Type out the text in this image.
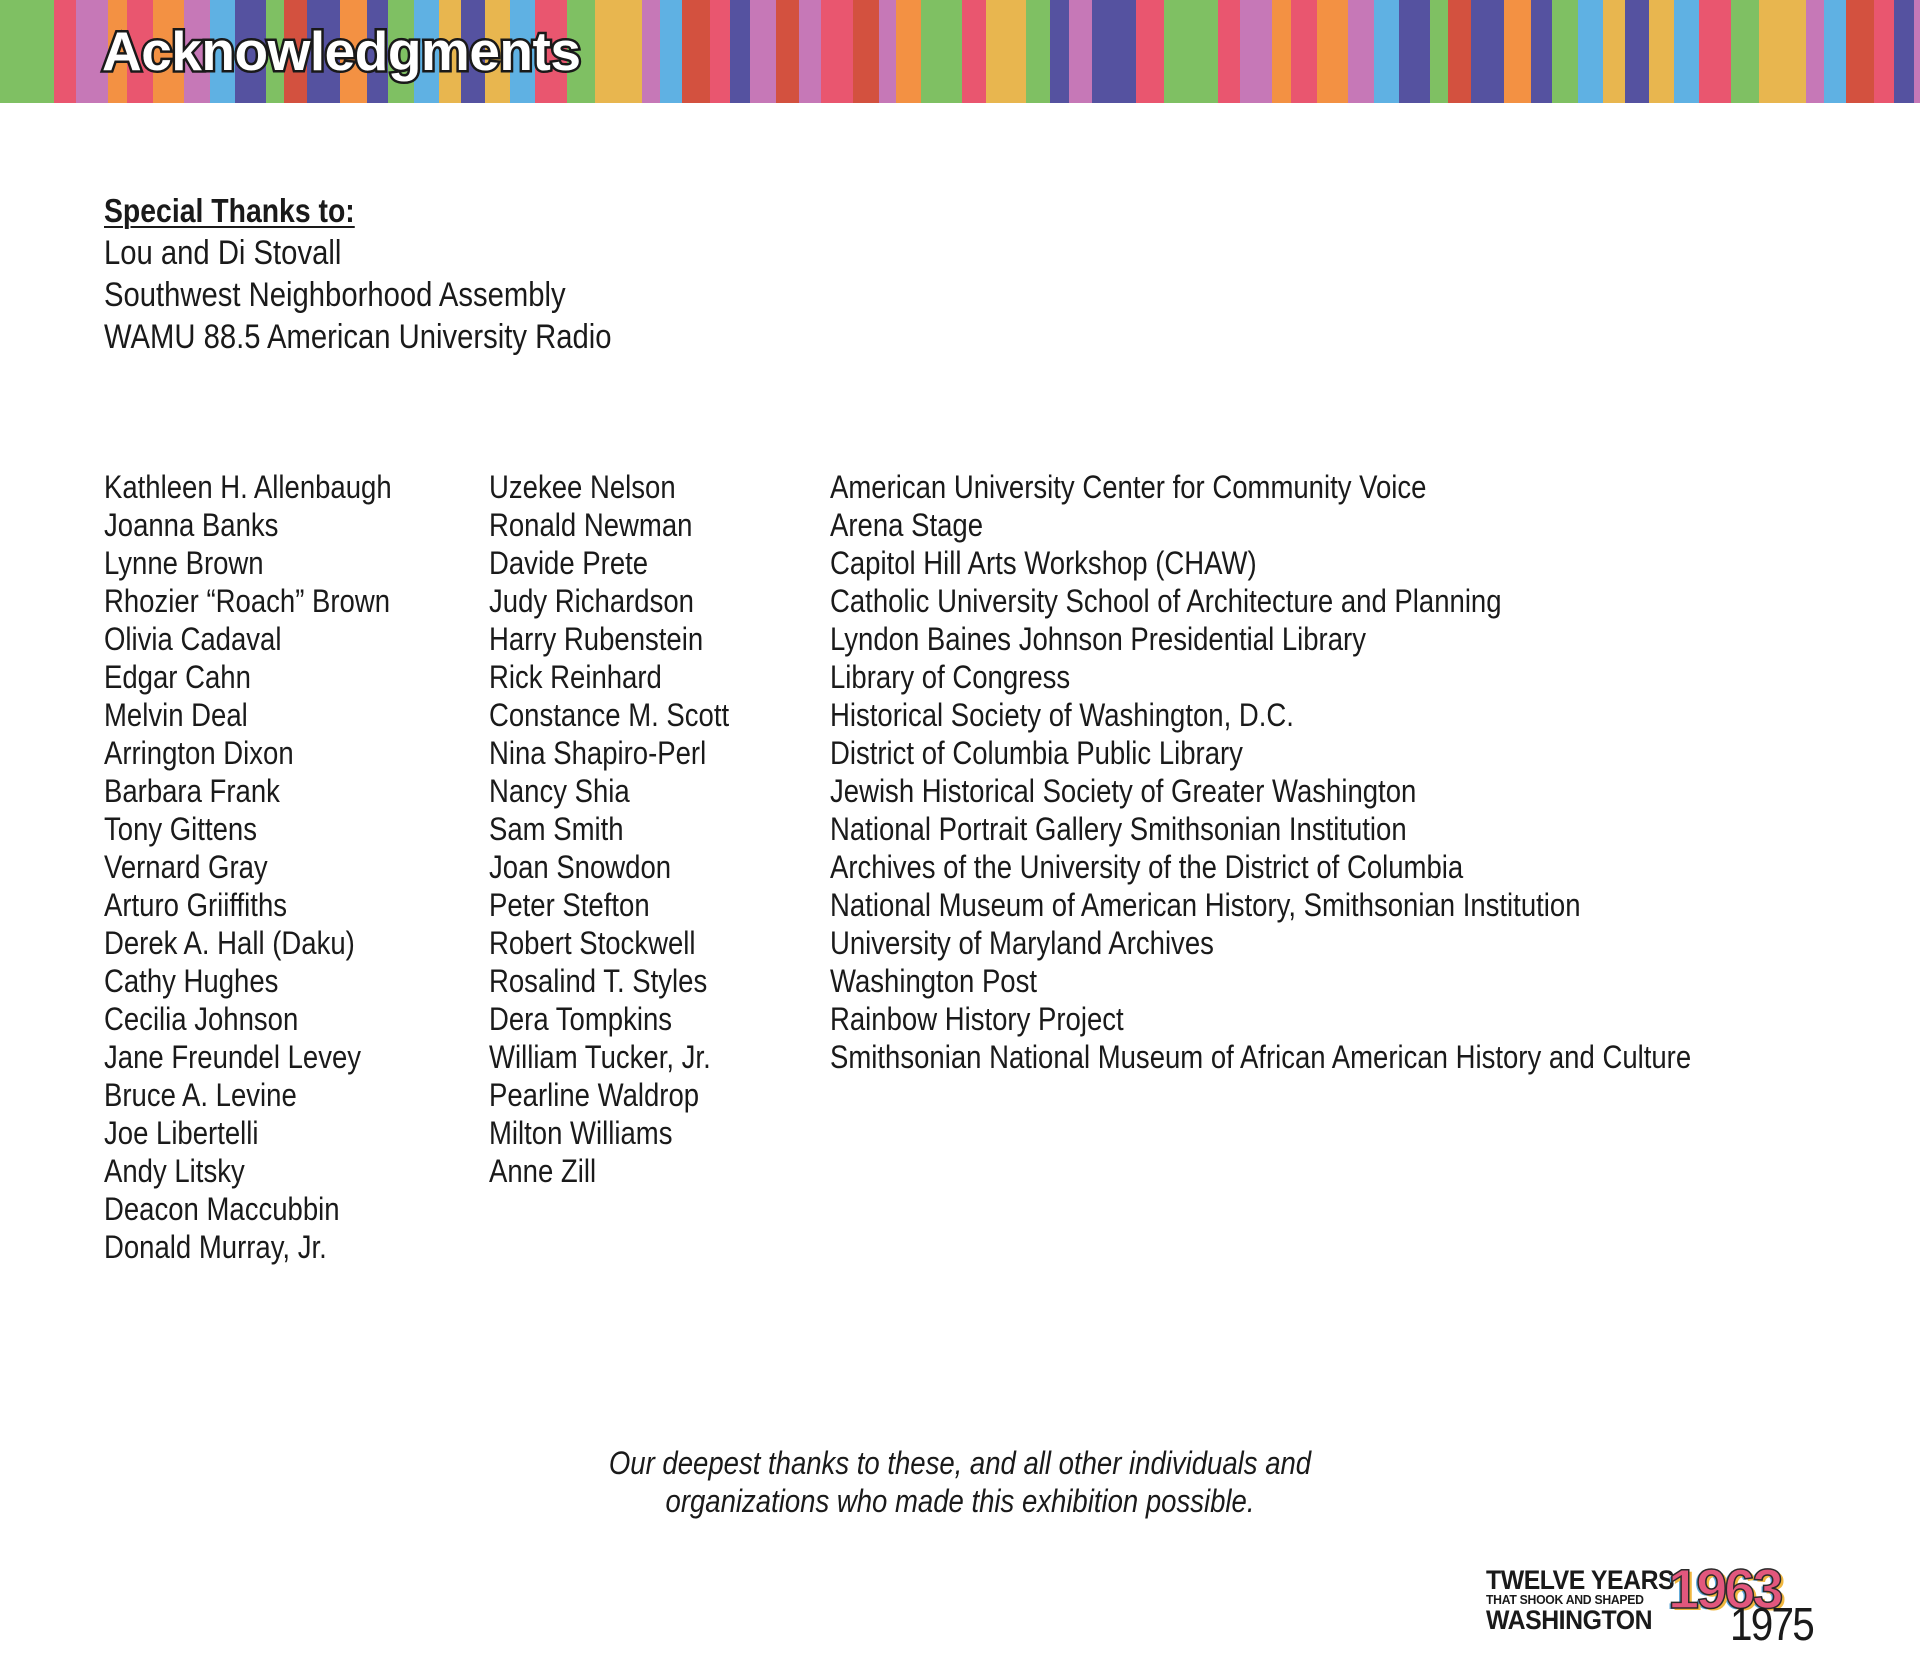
Acknowledgments
Special Thanks to:
Lou and Di Stovall
Southwest Neighborhood Assembly
WAMU 88.5 American University Radio
Kathleen H. Allenbaugh
Joanna Banks
Lynne Brown
Rhozier “Roach” Brown
Olivia Cadaval
Edgar Cahn
Melvin Deal
Arrington Dixon
Barbara Frank
Tony Gittens
Vernard Gray
Arturo Griiffiths
Derek A. Hall (Daku)
Cathy Hughes
Cecilia Johnson
Jane Freundel Levey
Bruce A. Levine
Joe Libertelli
Andy Litsky
Deacon Maccubbin
Donald Murray, Jr.
Uzekee Nelson
Ronald Newman
Davide Prete
Judy Richardson
Harry Rubenstein
Rick Reinhard
Constance M. Scott
Nina Shapiro-Perl
Nancy Shia
Sam Smith
Joan Snowdon
Peter Stefton
Robert Stockwell
Rosalind T. Styles
Dera Tompkins
William Tucker, Jr.
Pearline Waldrop
Milton Williams
Anne Zill
American University Center for Community Voice
Arena Stage
Capitol Hill Arts Workshop (CHAW)
Catholic University School of Architecture and Planning
Lyndon Baines Johnson Presidential Library
Library of Congress
Historical Society of Washington, D.C.
District of Columbia Public Library
Jewish Historical Society of Greater Washington
National Portrait Gallery Smithsonian Institution
Archives of the University of the District of Columbia
National Museum of American History, Smithsonian Institution
University of Maryland Archives
Washington Post
Rainbow History Project
Smithsonian National Museum of African American History and Culture

Our deepest thanks to these, and all other individuals and
organizations who made this exhibition possible.

TWELVE YEARS
THAT SHOOK AND SHAPED
WASHINGTON 1963
1975
